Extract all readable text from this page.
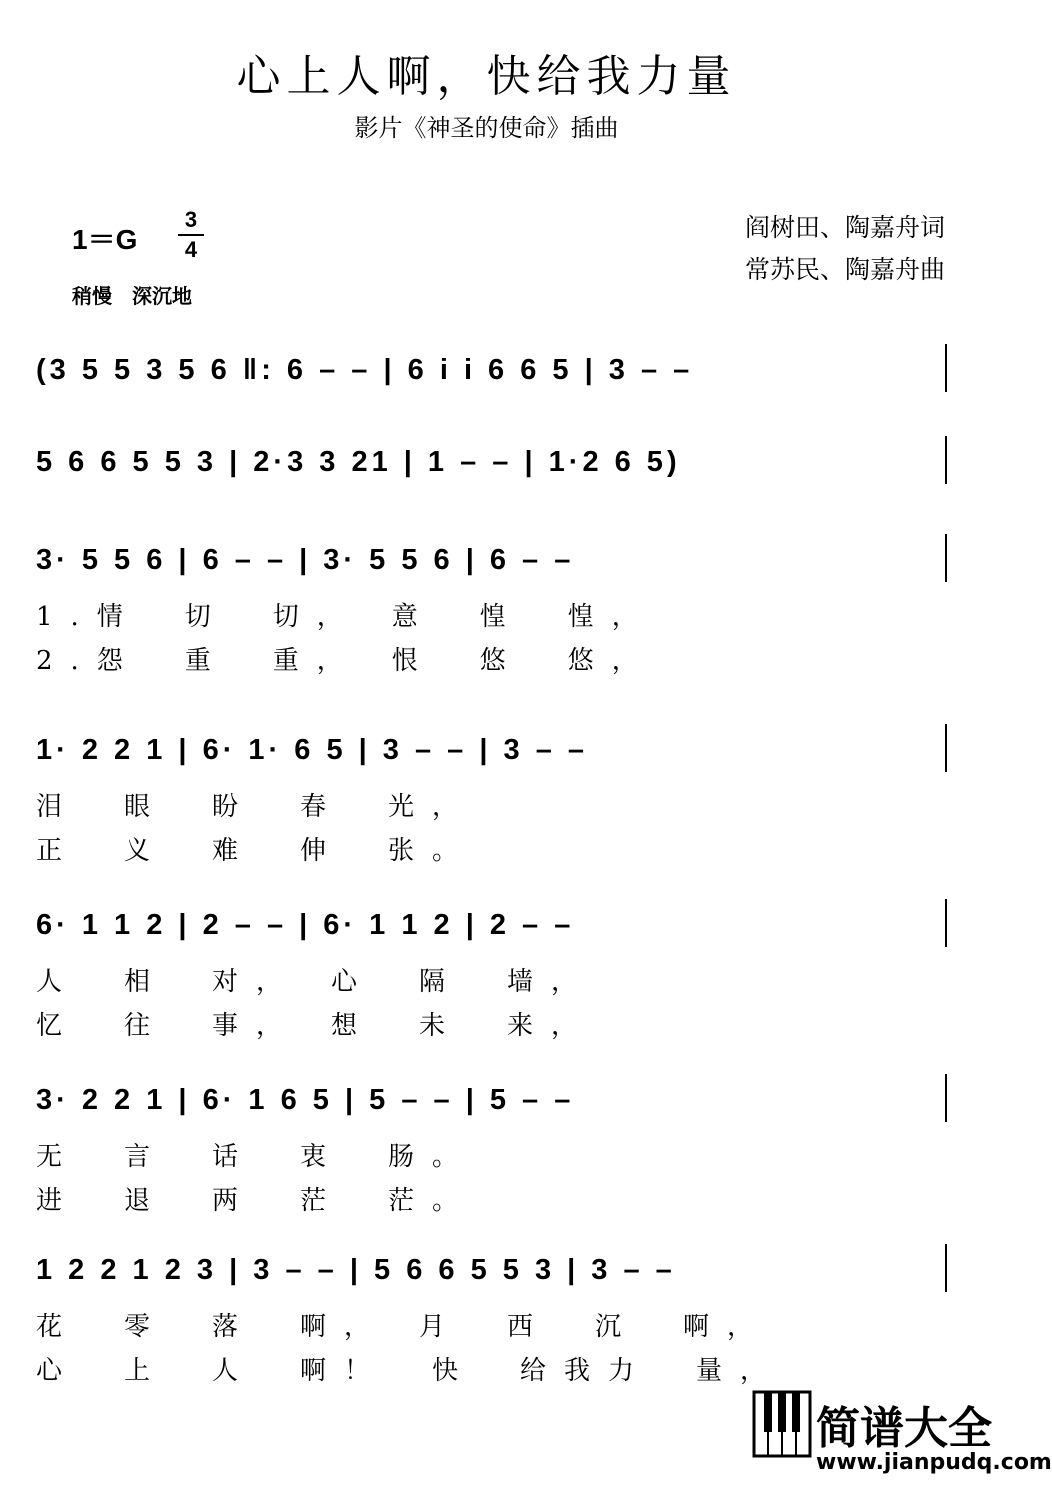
心上人啊，快给我力量
影片《神圣的使命》插曲
1＝G
3
4
稍慢　深沉地
阎树田、陶嘉舟词
常苏民、陶嘉舟曲
(3 5 5 3 5 6 ‖: 6 – – | 6 i i 6 6 5 | 3 – –
5 6 6 5 5 3 | 2·3 3 21 | 1 – – | 1·2 6 5)
3· 5 5 6 | 6 – – | 3· 5 5 6 | 6 – –
1.情　切　切，　意　惶　惶，
2.怨　重　重，　恨　悠　悠，
1· 2 2 1 | 6· 1· 6 5 | 3 – – | 3 – –
泪　眼　盼　春　光，
正　义　难　伸　张。
6· 1 1 2 | 2 – – | 6· 1 1 2 | 2 – –
人　相　对，　心　隔　墙，
忆　往　事，　想　未　来，
3· 2 2 1 | 6· 1 6 5 | 5 – – | 5 – –
无　言　话　衷　肠。
进　退　两　茫　茫。
1 2 2 1 2 3 | 3 – – | 5 6 6 5 5 3 | 3 – –
花　零　落　啊，　月　西　沉　啊，
心　上　人　啊！　快　给我力　量，
简谱大全
www.jianpudq.com
